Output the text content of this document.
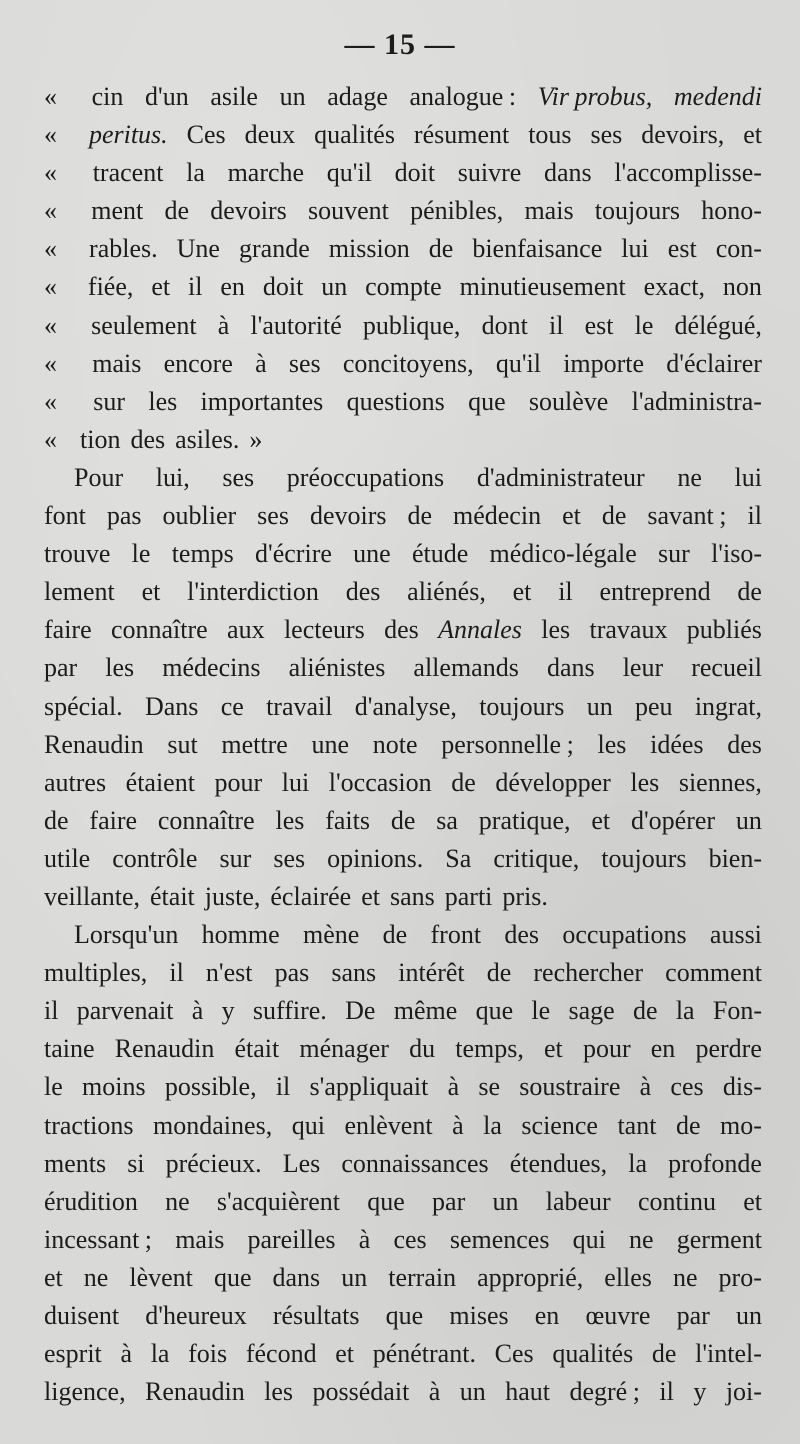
— 15 —
«	cin d'un asile un adage analogue : Vir probus, medendi
«	peritus. Ces deux qualités résument tous ses devoirs, et
«	tracent la marche qu'il doit suivre dans l'accomplisse-
«	ment de devoirs souvent pénibles, mais toujours hono-
«	rables. Une grande mission de bienfaisance lui est con-
«	fiée, et il en doit un compte minutieusement exact, non
«	seulement à l'autorité publique, dont il est le délégué,
«	mais encore à ses concitoyens, qu'il importe d'éclairer
«	sur les importantes questions que soulève l'administra-
« tion des asiles. »
Pour lui, ses préoccupations d'administrateur ne lui
font pas oublier ses devoirs de médecin et de savant ; il
trouve le temps d'écrire une étude médico-légale sur l'iso-
lement et l'interdiction des aliénés, et il entreprend de
faire connaître aux lecteurs des Annales les travaux publiés
par les médecins aliénistes allemands dans leur recueil
spécial. Dans ce travail d'analyse, toujours un peu ingrat,
Renaudin sut mettre une note personnelle ; les idées des
autres étaient pour lui l'occasion de développer les siennes,
de faire connaître les faits de sa pratique, et d'opérer un
utile contrôle sur ses opinions. Sa critique, toujours bien-
veillante, était juste, éclairée et sans parti pris.
Lorsqu'un homme mène de front des occupations aussi
multiples, il n'est pas sans intérêt de rechercher comment
il parvenait à y suffire. De même que le sage de la Fon-
taine Renaudin était ménager du temps, et pour en perdre
le moins possible, il s'appliquait à se soustraire à ces dis-
tractions mondaines, qui enlèvent à la science tant de mo-
ments si précieux. Les connaissances étendues, la profonde
érudition ne s'acquièrent que par un labeur continu et
incessant ; mais pareilles à ces semences qui ne germent
et ne lèvent que dans un terrain approprié, elles ne pro-
duisent d'heureux résultats que mises en œuvre par un
esprit à la fois fécond et pénétrant. Ces qualités de l'intel-
ligence, Renaudin les possédait à un haut degré ; il y joi-
